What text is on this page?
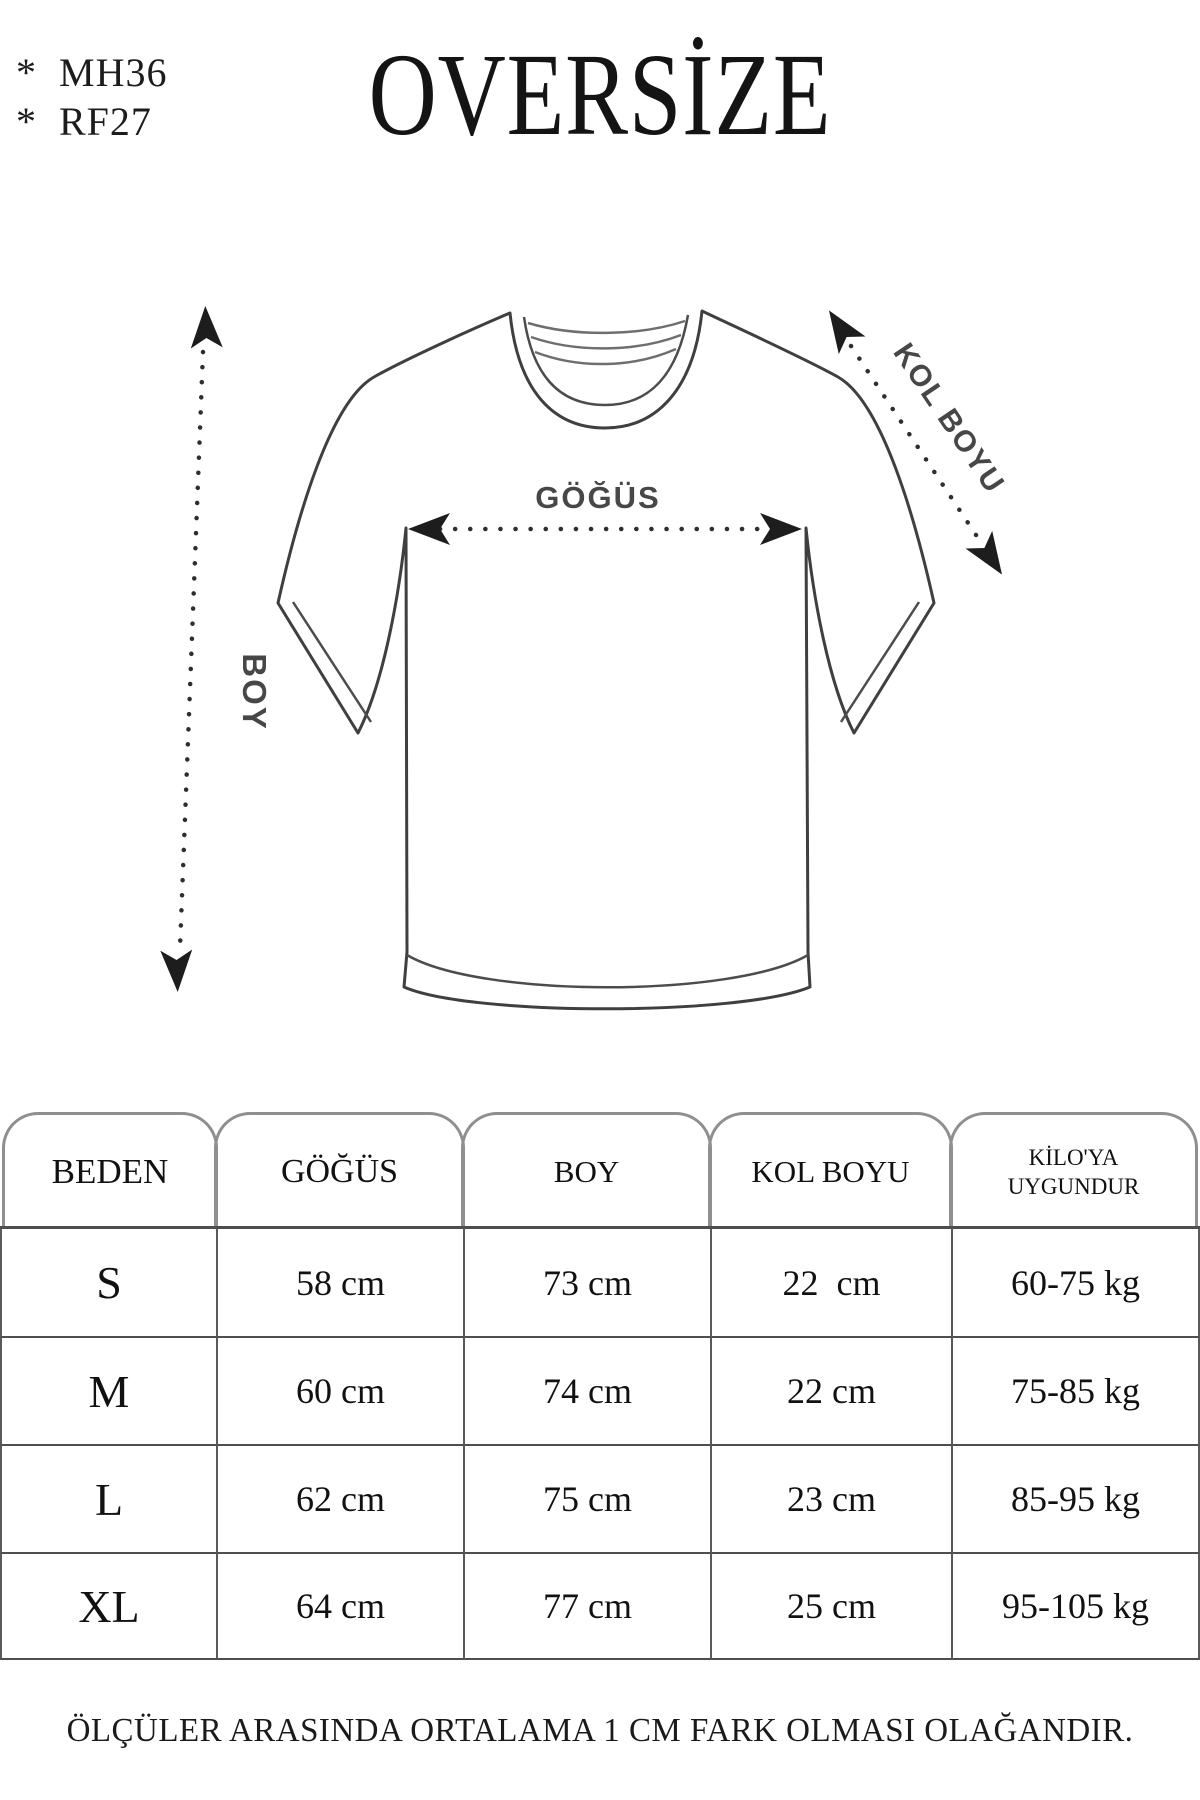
*  MH36
*  RF27	OVERSİZE
BOY
GÖĞÜS	KOL BOYU
BEDEN	GÖĞÜS	BOY	KOL BOYU	KİLO'YA UYGUNDUR
S	58 cm	73 cm	22  cm	60-75 kg
M	60 cm	74 cm	22 cm	75-85 kg
L	62 cm	75 cm	23 cm	85-95 kg
XL	64 cm	77 cm	25 cm	95-105 kg
ÖLÇÜLER ARASINDA ORTALAMA 1 CM FARK OLMASI OLAĞANDIR.
